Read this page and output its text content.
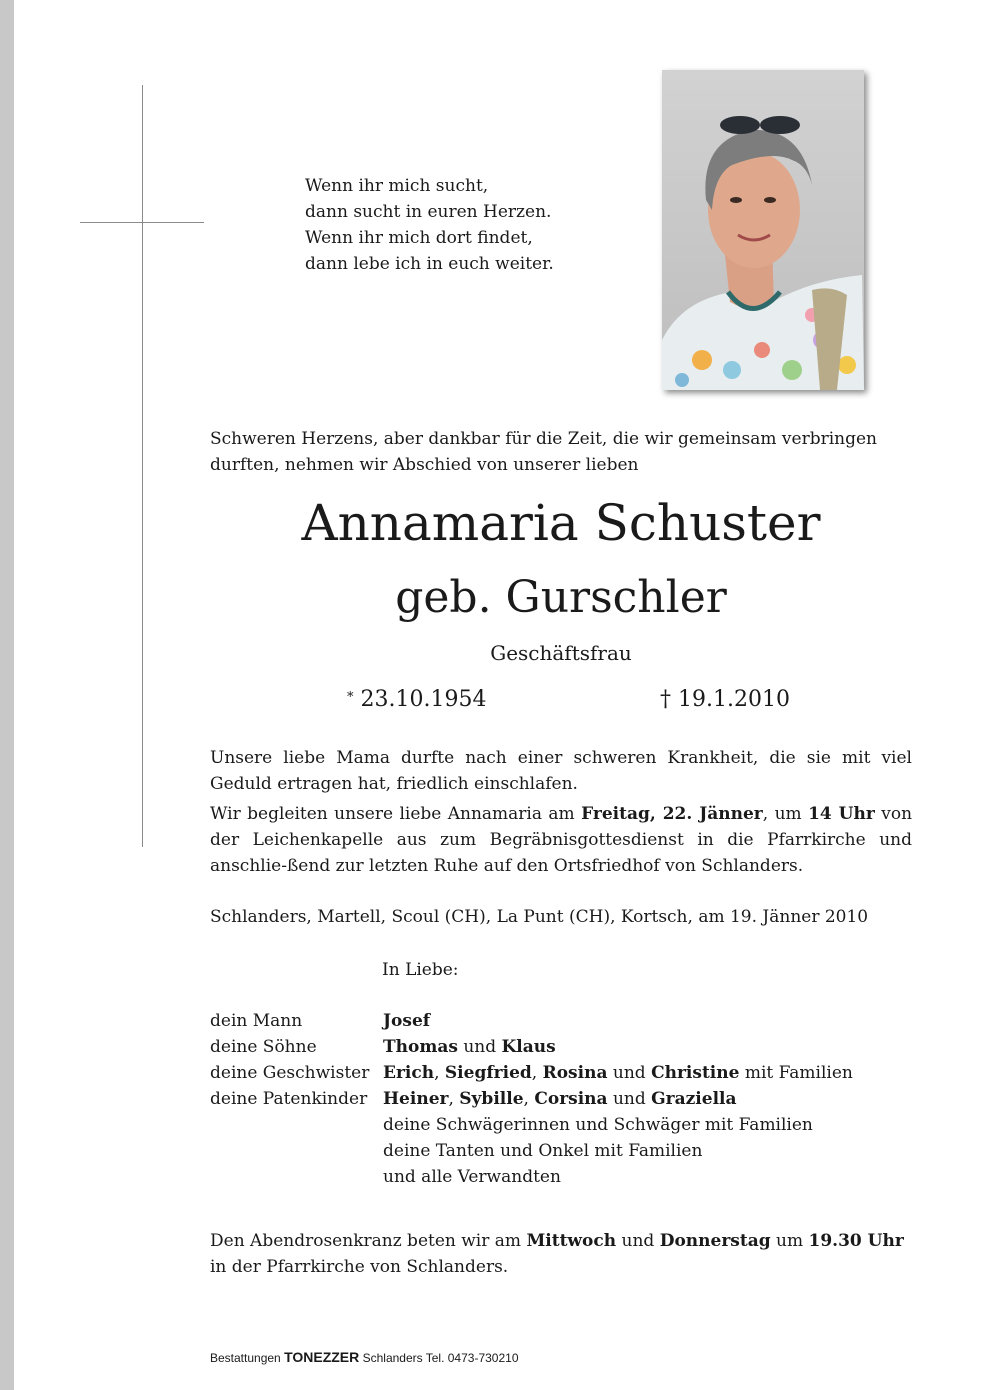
Wenn ihr mich sucht,
dann sucht in euren Herzen.
Wenn ihr mich dort findet,
dann lebe ich in euch weiter.
Schweren Herzens, aber dankbar für die Zeit, die wir gemeinsam verbringen durften, nehmen wir Abschied von unserer lieben
Annamaria Schuster
geb. Gurschler
Geschäftsfrau
* 23.10.1954	† 19.1.2010
Unsere liebe Mama durfte nach einer schweren Krankheit, die sie mit viel Geduld ertragen hat, friedlich einschlafen.
Wir begleiten unsere liebe Annamaria am Freitag, 22. Jänner, um 14 Uhr von der Leichenkapelle aus zum Begräbnisgottesdienst in die Pfarrkirche und anschlie-ßend zur letzten Ruhe auf den Ortsfriedhof von Schlanders.
Schlanders, Martell, Scoul (CH), La Punt (CH), Kortsch, am 19. Jänner 2010
In Liebe:
dein Mann	Josef
deine Söhne	Thomas und Klaus
deine Geschwister Erich, Siegfried, Rosina und Christine mit Familien
deine Patenkinder Heiner, Sybille, Corsina und Graziella
deine Schwägerinnen und Schwäger mit Familien
deine Tanten und Onkel mit Familien
und alle Verwandten
Den Abendrosenkranz beten wir am Mittwoch und Donnerstag um 19.30 Uhr in der Pfarrkirche von Schlanders.
Bestattungen TONEZZER Schlanders Tel. 0473-730210
